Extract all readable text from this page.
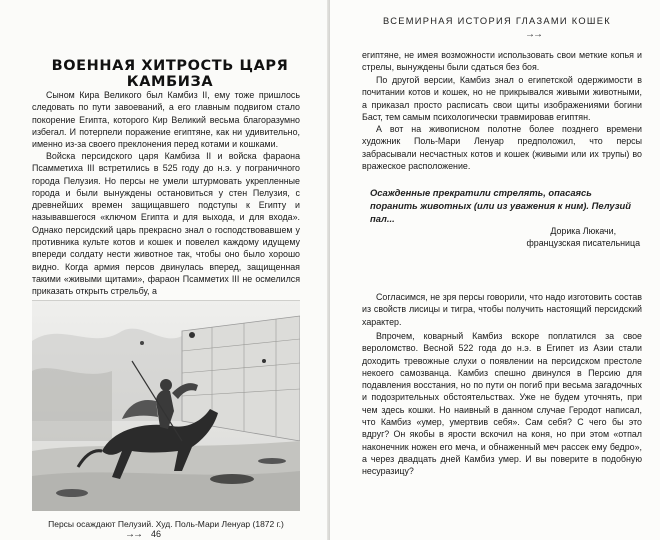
ВОЕННАЯ ХИТРОСТЬ ЦАРЯ КАМБИЗА

Сыном Кира Великого был Камбиз II, ему тоже пришлось следовать по пути завоеваний, а его главным подвигом стало покорение Египта, которого Кир Великий весьма благоразумно избегал. И потерпели поражение египтяне, как ни удивительно, именно из-за своего преклонения перед котами и кошками.

Войска персидского царя Камбиза II и войска фараона Псамметиха III встретились в 525 году до н.э. у пограничного города Пелузия. Но персы не умели штурмовать укрепленные города и были вынуждены остановиться у стен Пелузия, с древнейших времен защищавшего подступы к Египту и называвшегося «ключом Египта и для выхода, и для входа». Однако персидский царь прекрасно знал о господствовавшем у противника культе котов и кошек и повелел каждому идущему впереди солдату нести животное так, чтобы оно было хорошо видно. Когда армия персов двинулась вперед, защищенная такими «живыми щитами», фараон Псамметих III не осмелился приказать открыть стрельбу, а

Персы осаждают Пелузий. Худ. Поль-Мари Ленуар (1872 г.)
→→ 46
ВСЕМИРНАЯ ИСТОРИЯ ГЛАЗАМИ КОШЕК
→→

египтяне, не имея возможности использовать свои меткие копья и стрелы, вынуждены были сдаться без боя.

По другой версии, Камбиз знал о египетской одержимости в почитании котов и кошек, но не прикрывался живыми животными, а приказал просто расписать свои щиты изображениями богини Баст, тем самым психологически травмировав египтян.

А вот на живописном полотне более позднего времени художник Поль-Мари Ленуар предположил, что персы забрасывали несчастных котов и кошек (живыми или их трупы) во вражеское расположение.

Осажденные прекратили стрелять, опасаясь поранить животных (или из уважения к ним). Пелузий пал...

Дорика Люкачи,
французская писательница

Согласимся, не зря персы говорили, что надо изготовить состав из свойств лисицы и тигра, чтобы получить настоящий персидский характер.

Впрочем, коварный Камбиз вскоре поплатился за свое вероломство. Весной 522 года до н.э. в Египет из Азии стали доходить тревожные слухи о появлении на персидском престоле некоего самозванца. Камбиз спешно двинулся в Персию для подавления восстания, но по пути он погиб при весьма загадочных и подозрительных обстоятельствах. Уже не будем уточнять, при чем здесь кошки. Но наивный в данном случае Геродот написал, что Камбиз «умер, умертвив себя». Сам себя? С чего бы это вдруг? Он якобы в ярости вскочил на коня, но при этом «отпал наконечник ножен его меча, и обнаженный меч рассек ему бедро», а через двадцать дней Камбиз умер. И вы поверите в подобную несуразицу?
